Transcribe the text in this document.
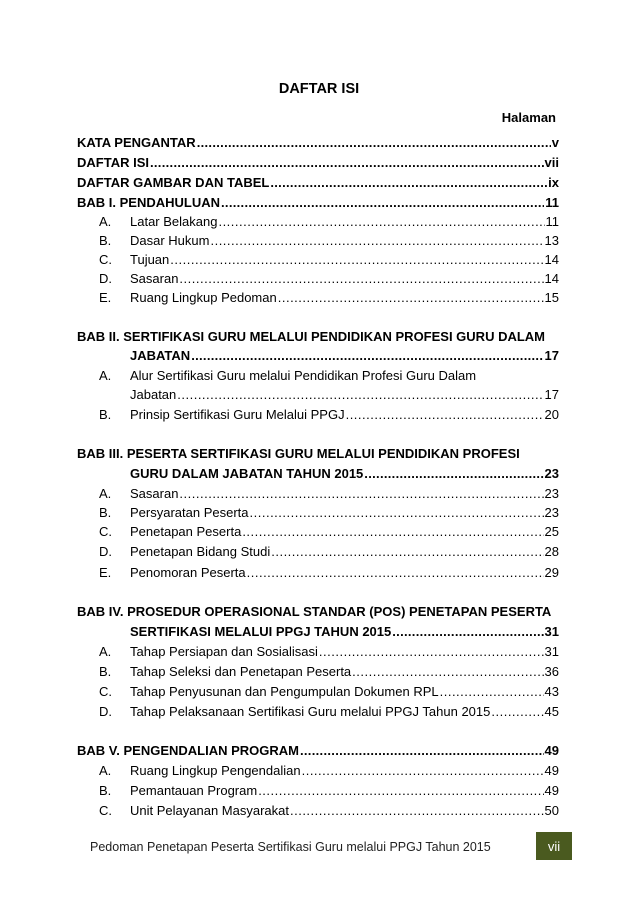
DAFTAR ISI
Halaman
KATA PENGANTAR .....	v
DAFTAR ISI .....	vii
DAFTAR GAMBAR DAN TABEL .....	ix
BAB I. PENDAHULUAN .....	11
A.	Latar Belakang .....	11
B.	Dasar Hukum .....	13
C.	Tujuan .....	14
D.	Sasaran .....	14
E.	Ruang Lingkup Pedoman .....	15
BAB II. SERTIFIKASI GURU MELALUI PENDIDIKAN PROFESI GURU DALAM
JABATAN .....	17
A.	Alur Sertifikasi Guru melalui Pendidikan Profesi Guru Dalam
Jabatan .....	17
B.	Prinsip Sertifikasi Guru Melalui PPGJ .....	20
BAB III. PESERTA SERTIFIKASI GURU MELALUI PENDIDIKAN PROFESI
GURU DALAM JABATAN TAHUN 2015 .....	23
A.	Sasaran .....	23
B.	Persyaratan Peserta .....	23
C.	Penetapan Peserta .....	25
D.	Penetapan Bidang Studi .....	28
E.	Penomoran Peserta .....	29
BAB IV. PROSEDUR OPERASIONAL STANDAR (POS) PENETAPAN PESERTA
SERTIFIKASI MELALUI PPGJ TAHUN 2015 .....	31
A.	Tahap Persiapan dan Sosialisasi .....	31
B.	Tahap Seleksi dan Penetapan Peserta .....	36
C.	Tahap Penyusunan dan Pengumpulan Dokumen RPL .....	43
D.	Tahap Pelaksanaan Sertifikasi Guru melalui PPGJ Tahun 2015 .....	45
BAB V. PENGENDALIAN PROGRAM .....	49
A.	Ruang Lingkup Pengendalian .....	49
B.	Pemantauan Program .....	49
C.	Unit Pelayanan Masyarakat .....	50
Pedoman Penetapan Peserta Sertifikasi Guru melalui PPGJ Tahun 2015	vii
